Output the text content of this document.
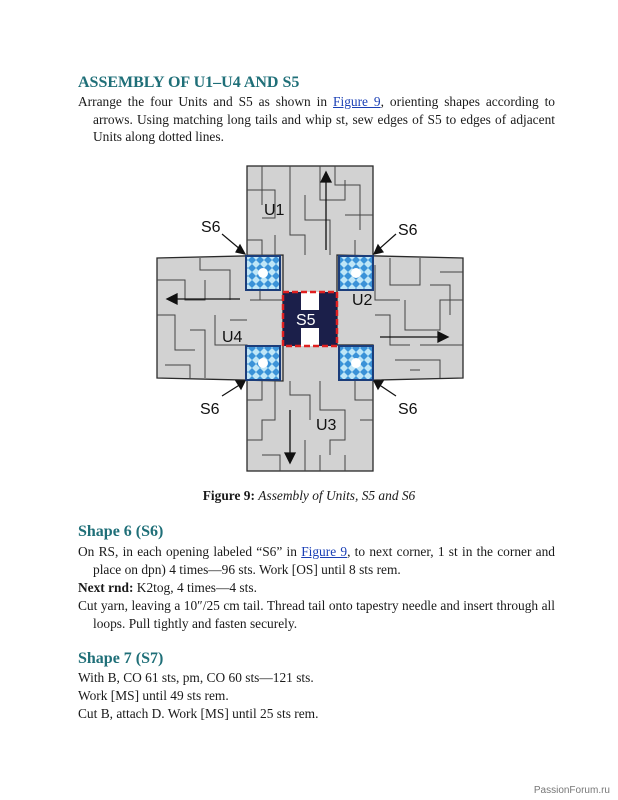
ASSEMBLY OF U1–U4 AND S5

Arrange the four Units and S5 as shown in Figure 9, orienting shapes according to arrows. Using matching long tails and whip st, sew edges of S5 to edges of adjacent Units along dotted lines.

U1
U2
U3
U4
S5
S6	S6
S6	S6
Figure 9: Assembly of Units, S5 and S6
Shape 6 (S6)

On RS, in each opening labeled “S6” in Figure 9, to next corner, 1 st in the corner and place on dpn) 4 times—96 sts. Work [OS] until 8 sts rem.

Next rnd: K2tog, 4 times—4 sts.

Cut yarn, leaving a 10″/25 cm tail. Thread tail onto tapestry needle and insert through all loops. Pull tightly and fasten securely.

Shape 7 (S7)

With B, CO 61 sts, pm, CO 60 sts—121 sts.

Work [MS] until 49 sts rem.

Cut B, attach D. Work [MS] until 25 sts rem.

PassionForum.ru
